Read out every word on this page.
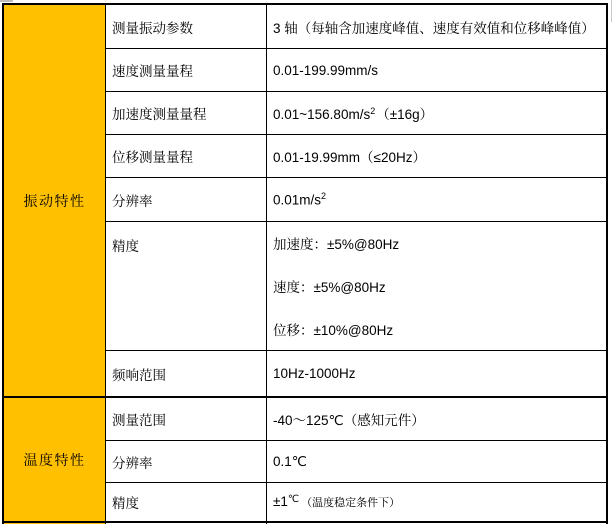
振动特性
测量振动参数	3 轴（每轴含加速度峰值、速度有效值和位移峰峰值）
速度测量量程	0.01-199.99mm/s
加速度测量量程	$0.01\sim 156.80m/s^2(\pm 16g)$
位移测量量程	0.01-19.99mm（≤20Hz）
分辨率	$0.01m/s^2$
精度	加速度：±5%@80Hz
速度：±5%@80Hz
位移：±10%@80Hz
频响范围	10Hz-1000Hz
温度特性
测量范围	-40～125℃（感知元件）
分辨率	0.1℃
精度	±1℃ （温度稳定条件下）
